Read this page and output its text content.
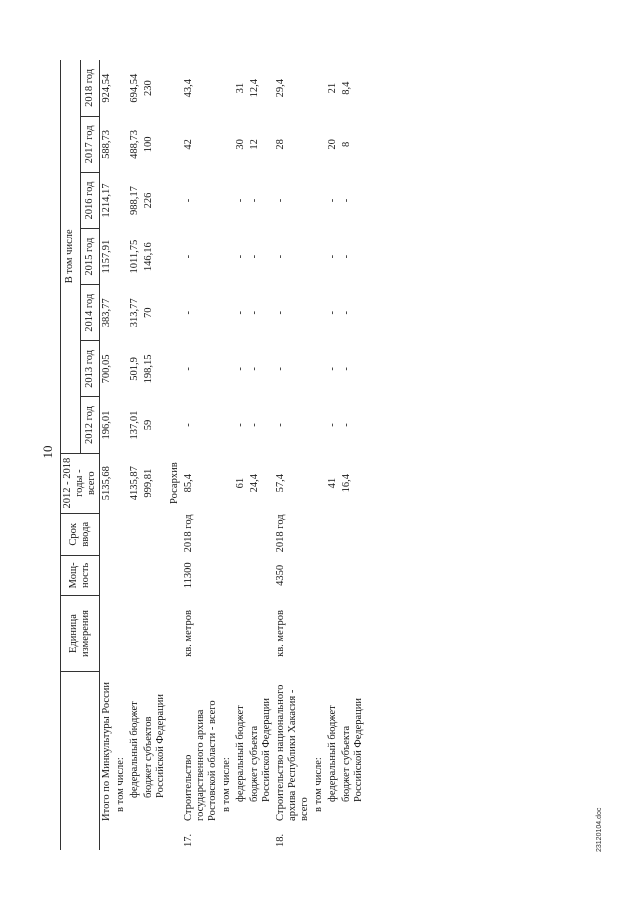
10
		Единица измерения	Мощ-ность	Срок ввода	2012 - 2018 годы - всего	В том числе						
						2012 год	2013 год	2014 год	2015 год	2016 год	2017 год	2018 год
	Итого по Минкультуры России				5135,68	196,01	700,05	383,77	1157,91	1214,17	588,73	924,54
	в том числе:											
	федеральный бюджет				4135,87	137,01	501,9	313,77	1011,75	988,17	488,73	694,54
	бюджет субъектов Российской Федерации				999,81	59	198,15	70	146,16	226	100	230
					Росархив							
17.	Строительство государственного архива Ростовской области - всего	кв. метров	11300	2018 год	85,4	-	-	-	-	-	42	43,4
	в том числе:											
	федеральный бюджет				61	-	-	-	-	-	30	31
	бюджет субъекта Российской Федерации				24,4	-	-	-	-	-	12	12,4
18.	Строительство национального архива Республики Хакасия - всего	кв. метров	4350	2018 год	57,4	-	-	-	-	-	28	29,4
	в том числе:											
	федеральный бюджет				41	-	-	-	-	-	20	21
	бюджет субъекта Российской Федерации				16,4	-	-	-	-	-	8	8,4
23120104.doc
